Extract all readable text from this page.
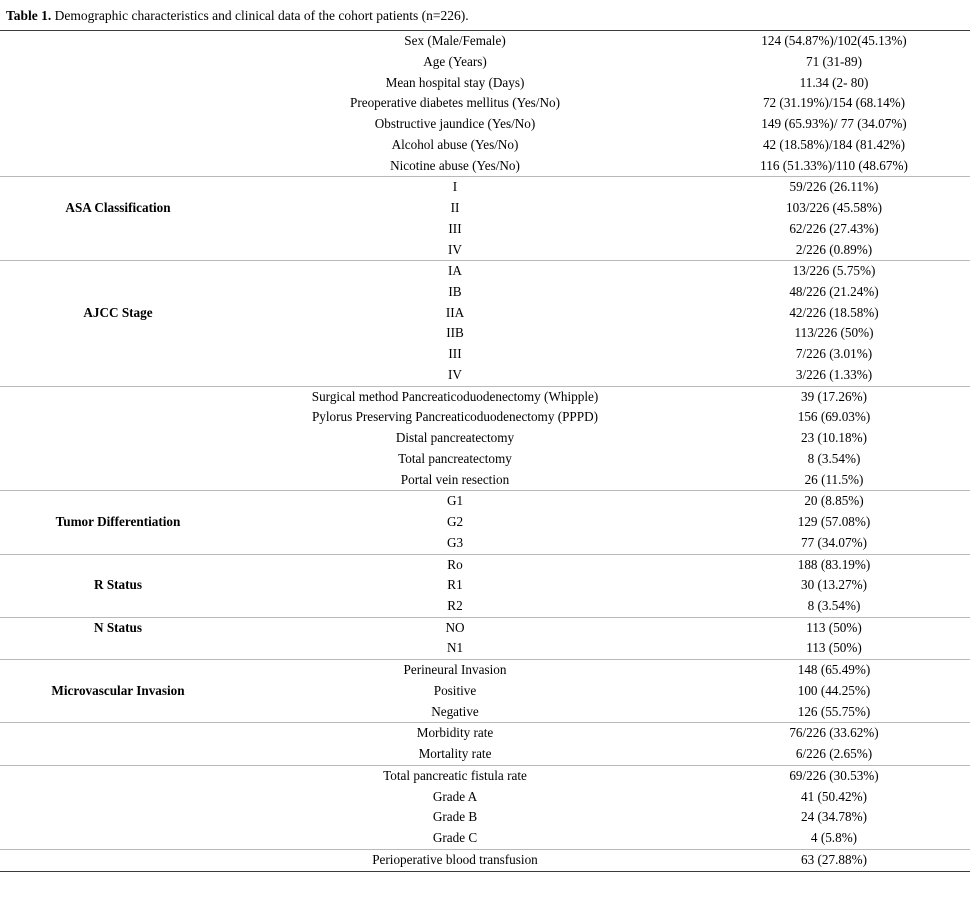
Table 1. Demographic characteristics and clinical data of the cohort patients (n=226).
	Sex (Male/Female)	124 (54.87%)/102(45.13%)
	Age (Years)	71 (31-89)
	Mean hospital stay (Days)	11.34 (2- 80)
	Preoperative diabetes mellitus (Yes/No)	72 (31.19%)/154 (68.14%)
	Obstructive jaundice (Yes/No)	149 (65.93%)/ 77 (34.07%)
	Alcohol abuse (Yes/No)	42 (18.58%)/184 (81.42%)
	Nicotine abuse (Yes/No)	116 (51.33%)/110 (48.67%)
	I	59/226 (26.11%)
ASA Classification	II	103/226 (45.58%)
	III	62/226 (27.43%)
	IV	2/226 (0.89%)
	IA	13/226 (5.75%)
	IB	48/226 (21.24%)
AJCC Stage	IIA	42/226 (18.58%)
	IIB	113/226 (50%)
	III	7/226 (3.01%)
	IV	3/226 (1.33%)
	Surgical method Pancreaticoduodenectomy (Whipple)	39 (17.26%)
	Pylorus Preserving Pancreaticoduodenectomy (PPPD)	156 (69.03%)
	Distal pancreatectomy	23 (10.18%)
	Total pancreatectomy	8 (3.54%)
	Portal vein resection	26 (11.5%)
	G1	20 (8.85%)
Tumor Differentiation	G2	129 (57.08%)
	G3	77 (34.07%)
	Ro	188 (83.19%)
R Status	R1	30 (13.27%)
	R2	8 (3.54%)
N Status	NO	113 (50%)
	N1	113 (50%)
	Perineural Invasion	148 (65.49%)
Microvascular Invasion	Positive	100 (44.25%)
	Negative	126 (55.75%)
	Morbidity rate	76/226 (33.62%)
	Mortality rate	6/226 (2.65%)
	Total pancreatic fistula rate	69/226 (30.53%)
	Grade A	41 (50.42%)
	Grade B	24 (34.78%)
	Grade C	4 (5.8%)
	Perioperative blood transfusion	63 (27.88%)
